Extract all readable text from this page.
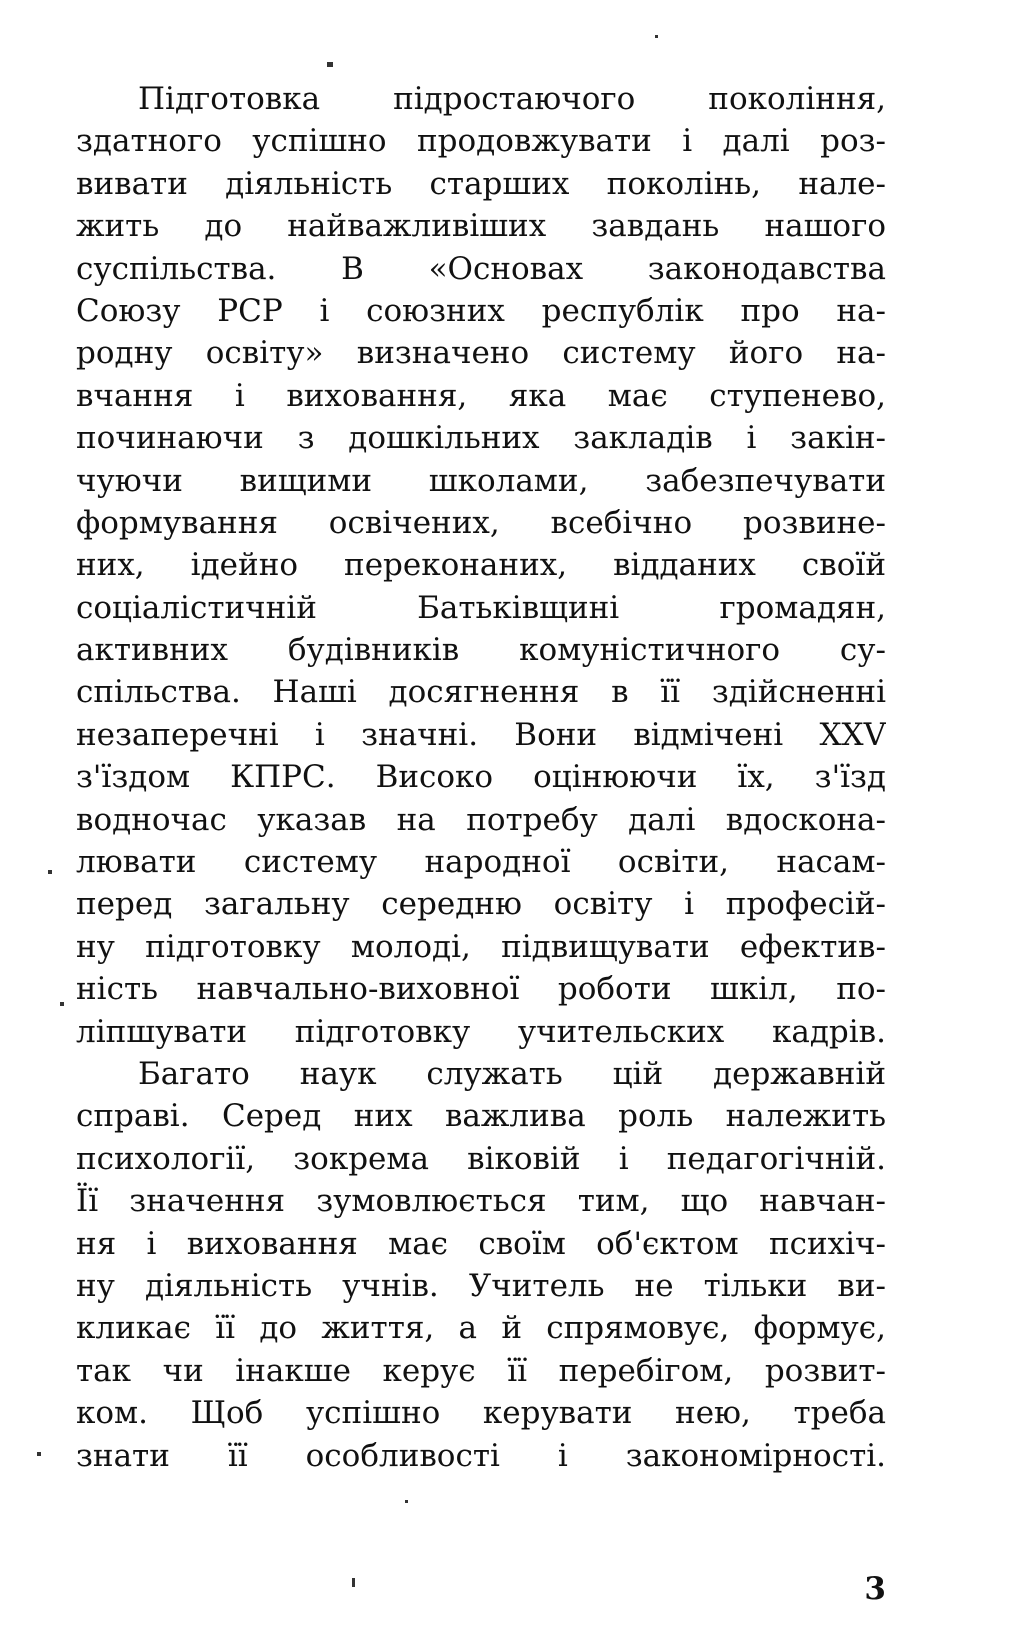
Підготовка підростаючого покоління,
здатного успішно продовжувати і далі роз-
вивати діяльність старших поколінь, нале-
жить до найважливіших завдань нашого
суспільства. В «Основах законодавства
Союзу РСР і союзних республік про на-
родну освіту» визначено систему його на-
вчання і виховання, яка має ступенево,
починаючи з дошкільних закладів і закін-
чуючи вищими школами, забезпечувати
формування освічених, всебічно розвине-
них, ідейно переконаних, відданих своїй
соціалістичній Батьківщині громадян,
активних будівників комуністичного су-
спільства. Наші досягнення в її здійсненні
незаперечні і значні. Вони відмічені XXV
з'їздом КПРС. Високо оцінюючи їх, з'їзд
водночас указав на потребу далі вдоскона-
лювати систему народної освіти, насам-
перед загальну середню освіту і професій-
ну підготовку молоді, підвищувати ефектив-
ність навчально-виховної роботи шкіл, по-
ліпшувати підготовку учительских кадрів.
Багато наук служать цій державній
справі. Серед них важлива роль належить
психології, зокрема віковій і педагогічній.
Її значення зумовлюється тим, що навчан-
ня і виховання має своїм об'єктом психіч-
ну діяльність учнів. Учитель не тільки ви-
кликає її до життя, а й спрямовує, формує,
так чи інакше керує її перебігом, розвит-
ком. Щоб успішно керувати нею, треба
знати її особливості і закономірності.
3
